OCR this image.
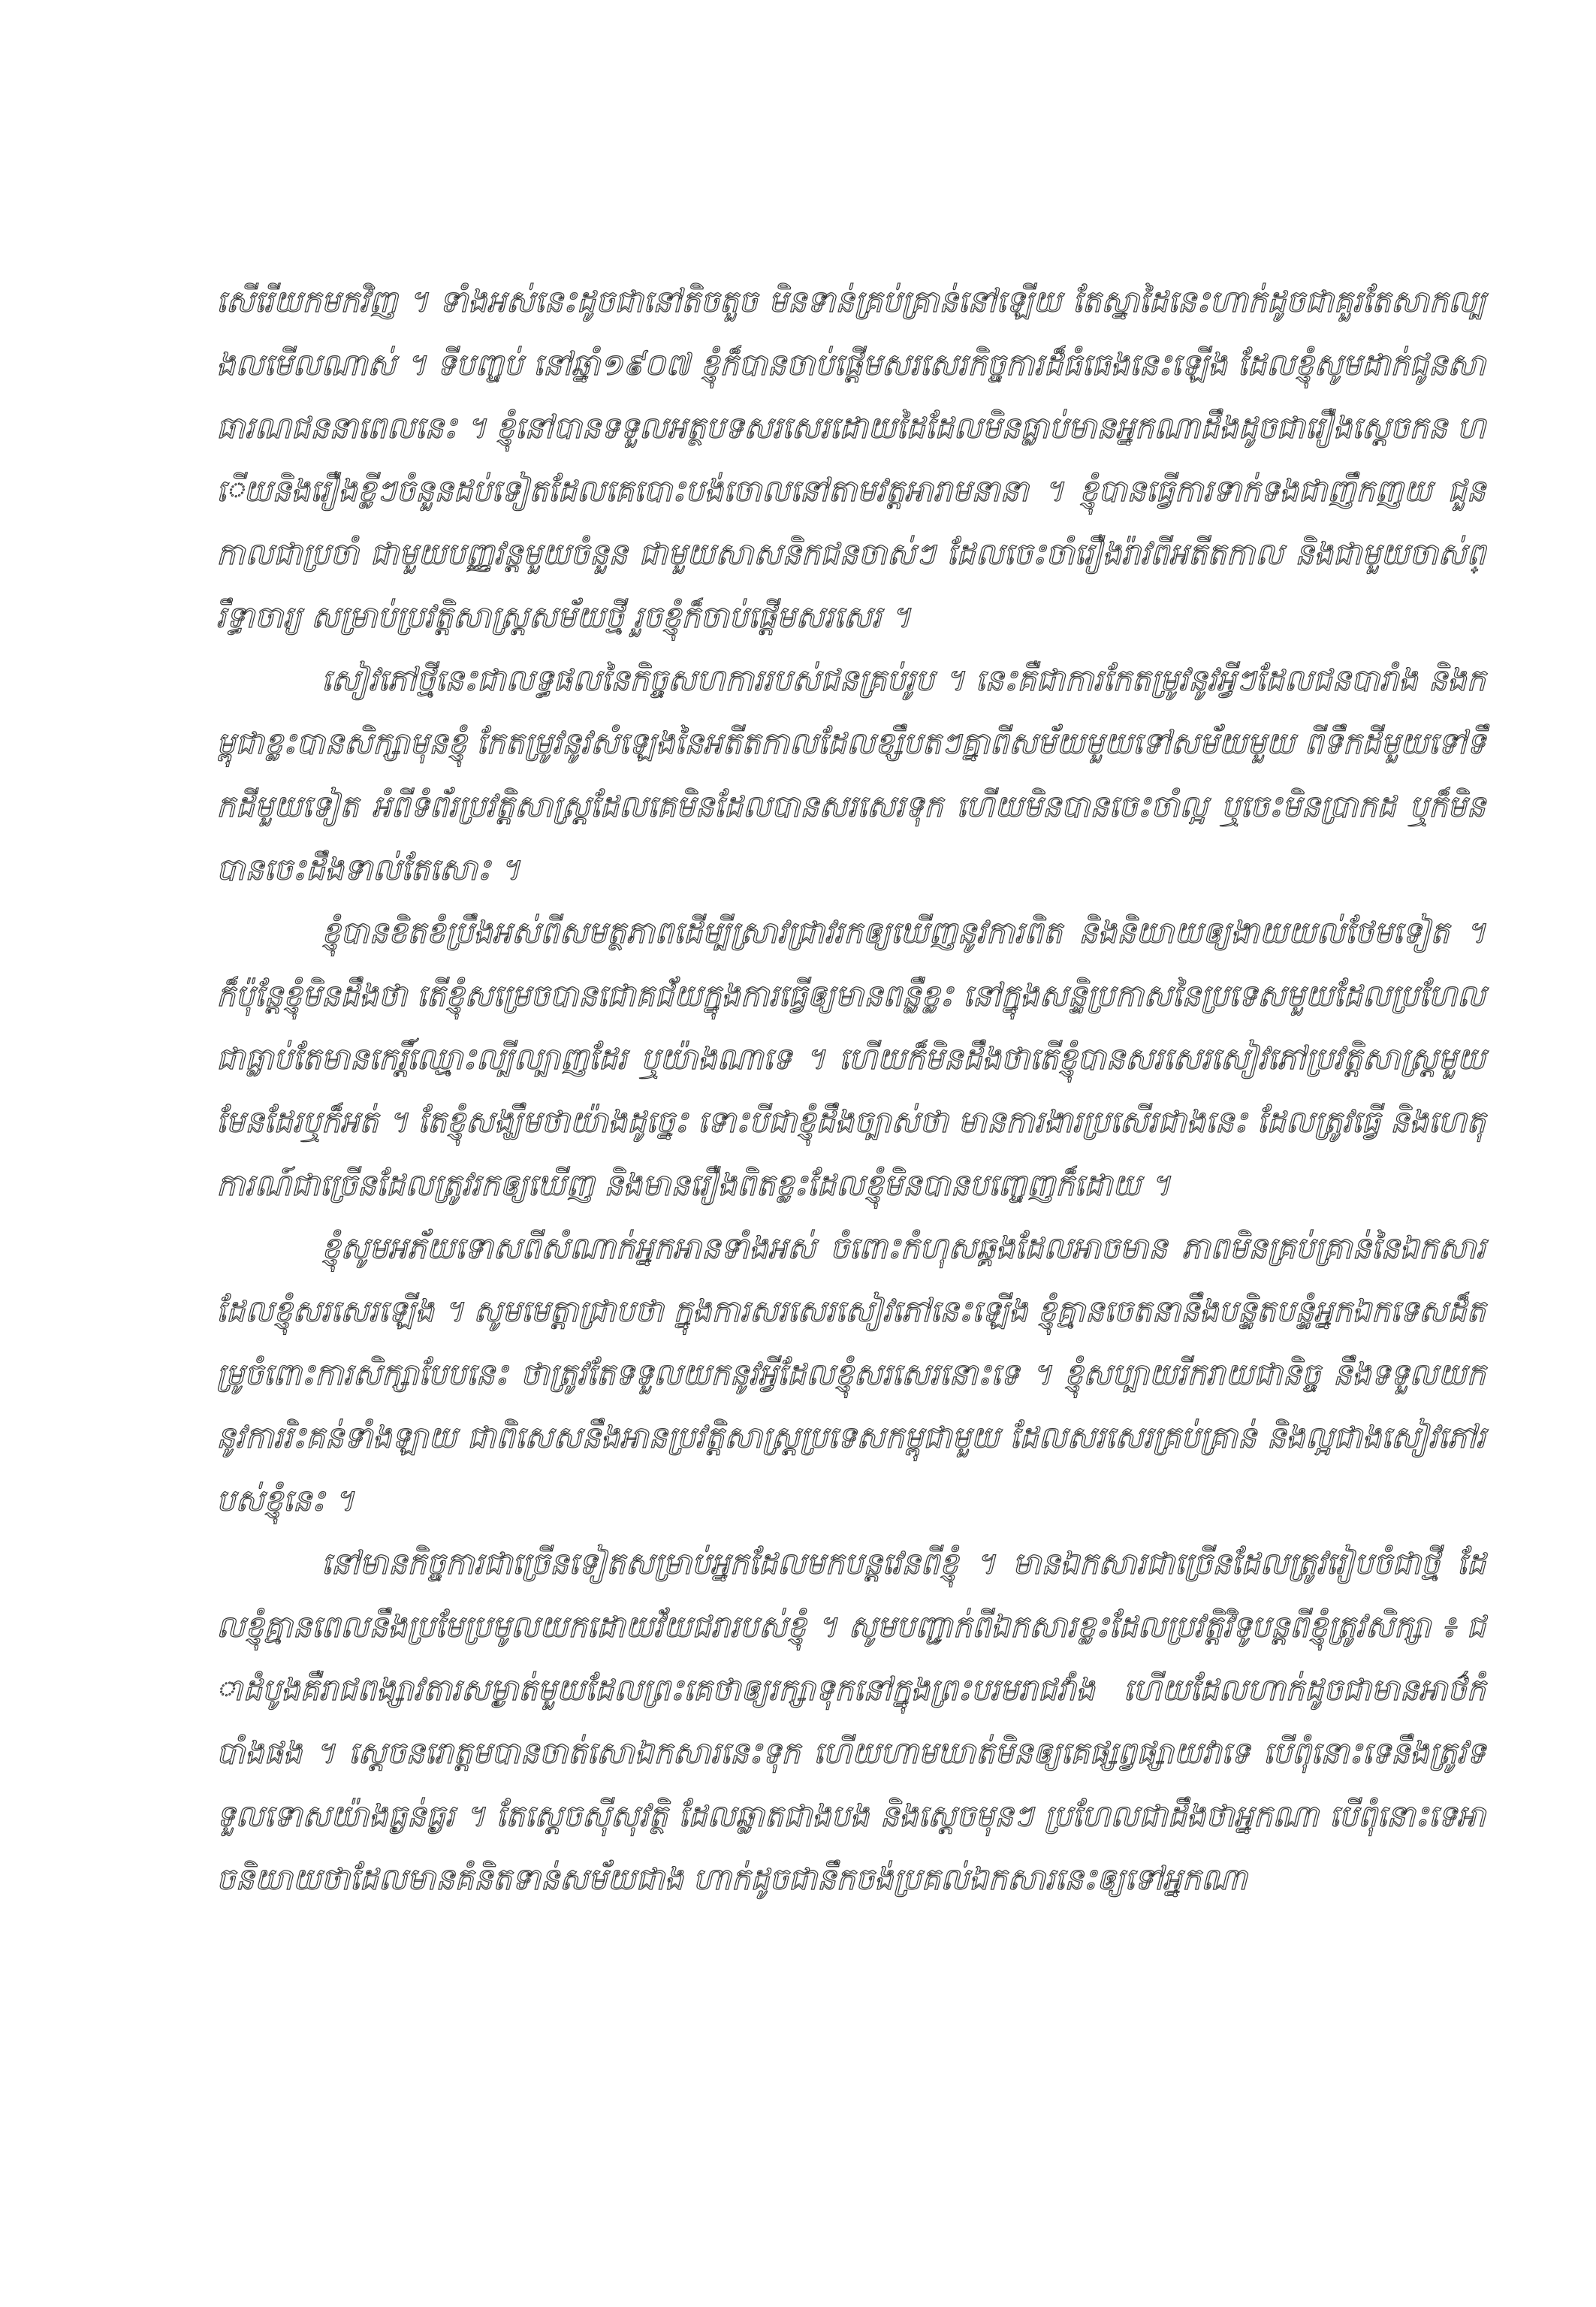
សើរើយកមកវិញ ។ ទាំងអស់នេះដូចជានៅតិចតួច មិនទាន់គ្រប់គ្រាន់នៅឡើយ តែស្នាដៃនេះហាក់ដូចជាគួរតែសាកល្បងលមើលណាស់ ។ ទីបញ្ចប់ នៅឆ្នាំ១៩០៧ ខ្ញុំក៏បានចាប់ផ្តើមសរសេរកិច្ចការដ៏ធំធេងនេះឡើង ដែលខ្ញុំសូមដាក់ជូនសាធារណជននាពេលនេះ ។ ខ្ញុំនៅបានទទួលអត្ថបទសរសេរដោយដៃដែលមិនធ្លាប់មានអ្នកណាដឹងដូចជារឿងស្តេចកន ហើយនិងរឿងខ្លីៗចំនួនដប់ទៀតដែលគេបោះបង់ចោលនៅតាមវត្តអារាមនានា ។ ខ្ញុំបានធ្វើការទាក់ទងជាញឹកញយ ជួនកាលជាប្រចាំ ជាមួយបញ្ញវន្តមួយចំនួន ជាមួយសាសនិកជនចាស់ៗ ដែលចេះចាំរឿងរ៉ាវពីអតីតកាល និងជាមួយចាស់ព្រឹទ្ធាចារ្យ សម្រាប់ប្រវត្តិសាស្ត្រសម័យថ្មី រួចខ្ញុំក៏ចាប់ផ្តើមសរសេរ ។

សៀវភៅថ្មីនេះជាលទ្ធផលនៃកិច្ចសហការរបស់ជនគ្រប់រូប ។ នេះគឺជាការកែតម្រូវនូវអ្វីៗដែលជនបារាំង និងកម្ពុជាខ្លះបានសិក្សាមុនខ្ញុំ កែតម្រូវនូវសំឡេងនៃអតីតកាលដែលខ្សឹបតៗគ្នាពីសម័យមួយទៅសម័យមួយ ពីទឹកដីមួយទៅទឹកដីមួយទៀត អំពីទំព័រប្រវត្តិសាស្ត្រដែលគេមិនដែលបានសរសេរទុក ហើយមិនបានចេះចាំល្អ ឬចេះមិនប្រាកដ ឬក៏មិនបានចេះដឹងទាល់តែសោះ ។

ខ្ញុំបានខិតខំប្រឹងអស់ពីសមត្ថភាពដើម្បីស្រាវជ្រាវរកឲ្យឃើញនូវការពិត និងនិយាយឲ្យងាយយល់ថែមទៀត ។ ក៏ប៉ុន្តែខ្ញុំមិនដឹងថា តើខ្ញុំសម្រេចបានជោគជ័យក្នុងការធ្វើឲ្យមានពន្លឺខ្លះ នៅក្នុងសន្ទិប្រកាសនៃប្រទេសមួយដែលប្រហែលជាធ្លាប់តែមានកេរ្តិ៍ឈ្មោះល្បីល្បាញដែរ ឬយ៉ាងណាទេ ។ ហើយក៏មិនដឹងថាតើខ្ញុំបានសរសេរសៀវភៅប្រវត្តិសាស្ត្រមួយមែនដែរឬក៏អត់ ។ តែខ្ញុំសង្ឃឹមថាយ៉ាងដូច្នេះ ទោះបីជាខ្ញុំដឹងច្បាស់ថា មានការងារប្រសើរជាងនេះ ដែលត្រូវធ្វើ និងហេតុការណ៍ជាច្រើនដែលត្រូវរកឲ្យឃើញ និងមានរឿងពិតខ្លះដែលខ្ញុំមិនបានបញ្ចេញក៏ដោយ ។

ខ្ញុំសូមអភ័យទោសពីសំណាក់អ្នកអានទាំងអស់ ចំពោះកំហុសឆ្គងដែលអាចមាន ភាពមិនគ្រប់គ្រាន់នៃឯកសារ ដែលខ្ញុំសរសេរឡើង ។ សូមមេត្តាជ្រាបថា ក្នុងការសរសេរសៀវភៅនេះឡើង ខ្ញុំគ្មានចេតនានឹងបន្ទិតបន្ទំអ្នកឯកទេសដ៏តម្រូចំពោះការសិក្សាបែបនេះ ថាត្រូវតែទទួលយកនូវអ្វីដែលខ្ញុំសរសេរនោះទេ ។ ខ្ញុំសប្បាយរីករាយជានិច្ច នឹងទទួលយកនូវការរិះគន់ទាំងឡាយ ជាពិសេសនឹងអានប្រវត្តិសាស្ត្រប្រទេសកម្ពុជាមួយ ដែលសរសេរគ្រប់គ្រាន់ និងល្អជាងសៀវភៅរបស់ខ្ញុំនេះ ។

នៅមានកិច្ចការជាច្រើនទៀតសម្រាប់អ្នកដែលមកបន្តវេនពីខ្ញុំ ។ មានឯកសារជាច្រើនដែលត្រូវរៀបចំជាថ្មី ដែលខ្ញុំគ្មានពេលនឹងប្រមែប្រមូលយកដោយវ័យជរារបស់ខ្ញុំ ។ សូមបញ្ជាក់ពីឯកសារខ្លះដែលប្រវត្តិវិទូបន្តពីខ្ញុំត្រូវសិក្សា ៖ ជាដំបូងគឺរាជពង្សាវតារសម្ងាត់មួយដែលព្រះគេថាឲ្យរក្សាទុកនៅក្នុងព្រះបរមរាជវាំង ហើយដែលហាក់ដូចជាមានអាថ៌កំបាំងផង ។ ស្តេចនរោត្តមបានចាត់សោឯកសារនេះទុក ហើយហាមឃាត់មិនឲ្យគេផ្សព្វផ្សាយវាទេ បើពុំនោះទេនឹងត្រូវទទួលទោសយ៉ាងធ្ងន់ធ្ងរ ។ តែស្តេចស៊ីសុវត្ថិ ដែលឆ្លាតជាងបង និងស្តេចមុនៗ ប្រហែលជាដឹងថាអ្នកណា បើពុំនោះទេអាចនិយាយថាដែលមានគំនិតទាន់សម័យជាង ហាក់ដូចជានឹកចង់ប្រគល់ឯកសារនេះឲ្យទៅអ្នកណា
